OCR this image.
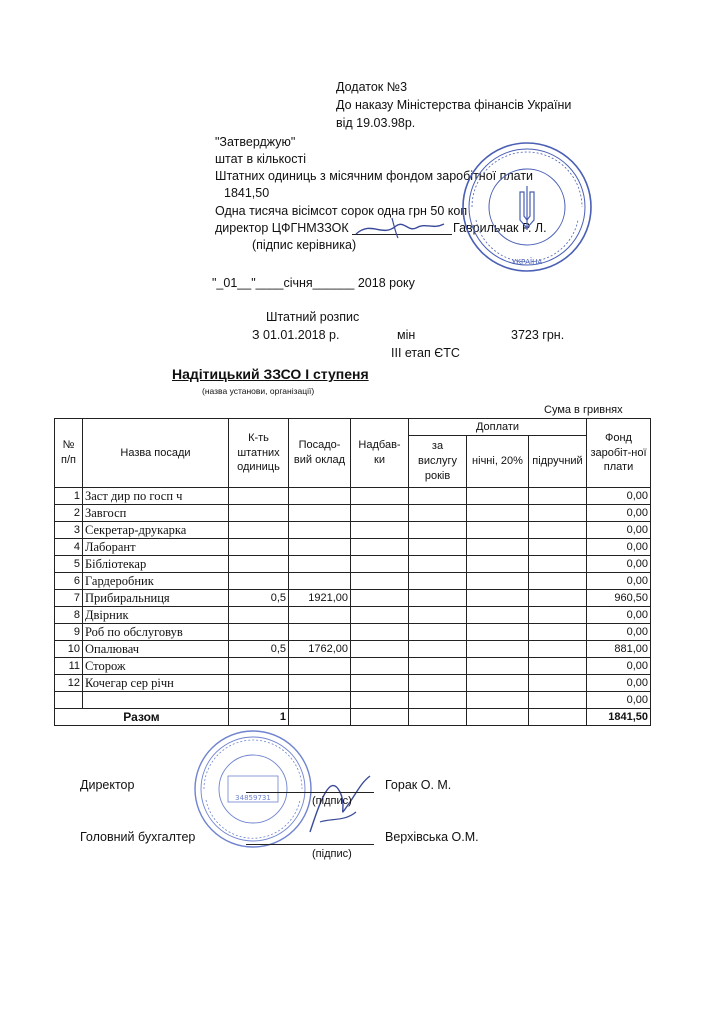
Додаток №3
До наказу Міністерства фінансів України
від 19.03.98р.
"Затверджую"
штат в кількості
Штатних одиниць з місячним фондом заробітної плати
1841,50
Одна тисяча вісімсот сорок одна грн 50 коп
директор ЦФГНМЗЗОК	Гаврильчак Р. Л.
(підпис керівника)
УКРАЇНА
"_01__"____січня______ 2018 року
Штатний розпис
З 01.01.2018 р.	мін	3723 грн.
ІІІ етап ЄТС
Надітицький ЗЗСО І ступеня
(назва установи, організації)
Сума в гривнях
№ п/п	Назва посади	К-ть штатних одиниць	Посадо-вий оклад	Надбав-ки	Доплати			Фонд заробіт-ної плати
					за вислугу років	нічні, 20%	підручний	
1	Заст дир по госп ч							0,00
2	Завгосп							0,00
3	Секретар-друкарка							0,00
4	Лаборант							0,00
5	Бібліотекар							0,00
6	Гардеробник							0,00
7	Прибиральниця	0,5	1921,00					960,50
8	Двірник							0,00
9	Роб по обслуговув							0,00
10	Опалювач	0,5	1762,00					881,00
11	Сторож							0,00
12	Кочегар сер річн							0,00
								0,00
Разом		1						1841,50
34859731
Директор	Горак О. М.
(підпис)
Головний бухгалтер	Верхівська О.М.
(підпис)
